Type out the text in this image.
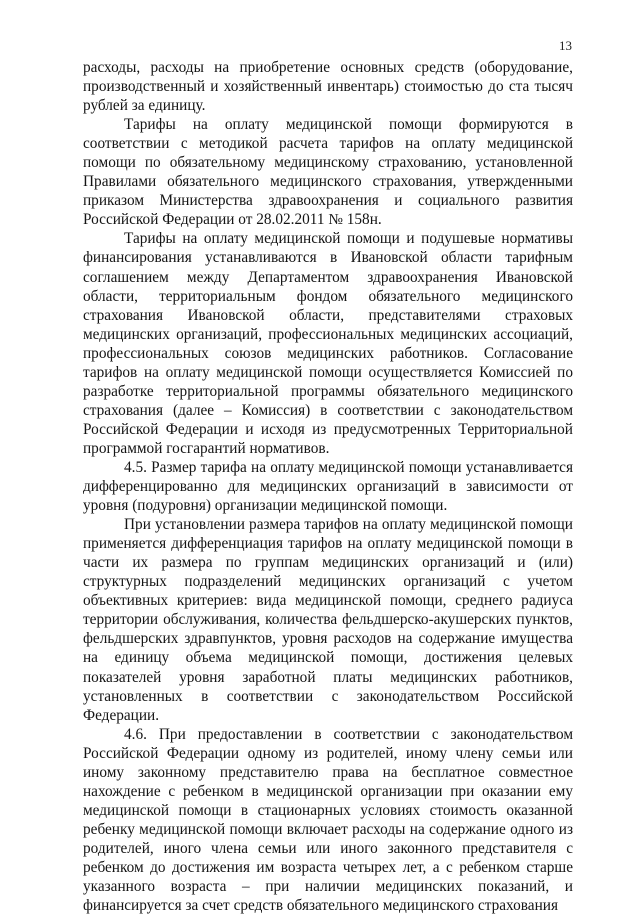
13

расходы, расходы на приобретение основных средств (оборудование, производственный и хозяйственный инвентарь) стоимостью до ста тысяч рублей за единицу.

Тарифы на оплату медицинской помощи формируются в соответствии с методикой расчета тарифов на оплату медицинской помощи по обязательному медицинскому страхованию, установленной Правилами обязательного медицинского страхования, утвержденными приказом Министерства здравоохранения и социального развития Российской Федерации от 28.02.2011 № 158н.

Тарифы на оплату медицинской помощи и подушевые нормативы финансирования устанавливаются в Ивановской области тарифным соглашением между Департаментом здравоохранения Ивановской области, территориальным фондом обязательного медицинского страхования Ивановской области, представителями страховых медицинских организаций, профессиональных медицинских ассоциаций, профессиональных союзов медицинских работников. Согласование тарифов на оплату медицинской помощи осуществляется Комиссией по разработке территориальной программы обязательного медицинского страхования (далее – Комиссия) в соответствии с законодательством Российской Федерации и исходя из предусмотренных Территориальной программой госгарантий нормативов.

4.5. Размер тарифа на оплату медицинской помощи устанавливается дифференцированно для медицинских организаций в зависимости от уровня (подуровня) организации медицинской помощи.

При установлении размера тарифов на оплату медицинской помощи применяется дифференциация тарифов на оплату медицинской помощи в части их размера по группам медицинских организаций и (или) структурных подразделений медицинских организаций с учетом объективных критериев: вида медицинской помощи, среднего радиуса территории обслуживания, количества фельдшерско-акушерских пунктов, фельдшерских здравпунктов, уровня расходов на содержание имущества на единицу объема медицинской помощи, достижения целевых показателей уровня заработной платы медицинских работников, установленных в соответствии с законодательством Российской Федерации.

4.6. При предоставлении в соответствии с законодательством Российской Федерации одному из родителей, иному члену семьи или иному законному представителю права на бесплатное совместное нахождение с ребенком в медицинской организации при оказании ему медицинской помощи в стационарных условиях стоимость оказанной ребенку медицинской помощи включает расходы на содержание одного из родителей, иного члена семьи или иного законного представителя с ребенком до достижения им возраста четырех лет, а с ребенком старше указанного возраста – при наличии медицинских показаний, и финансируется за счет средств обязательного медицинского страхования
